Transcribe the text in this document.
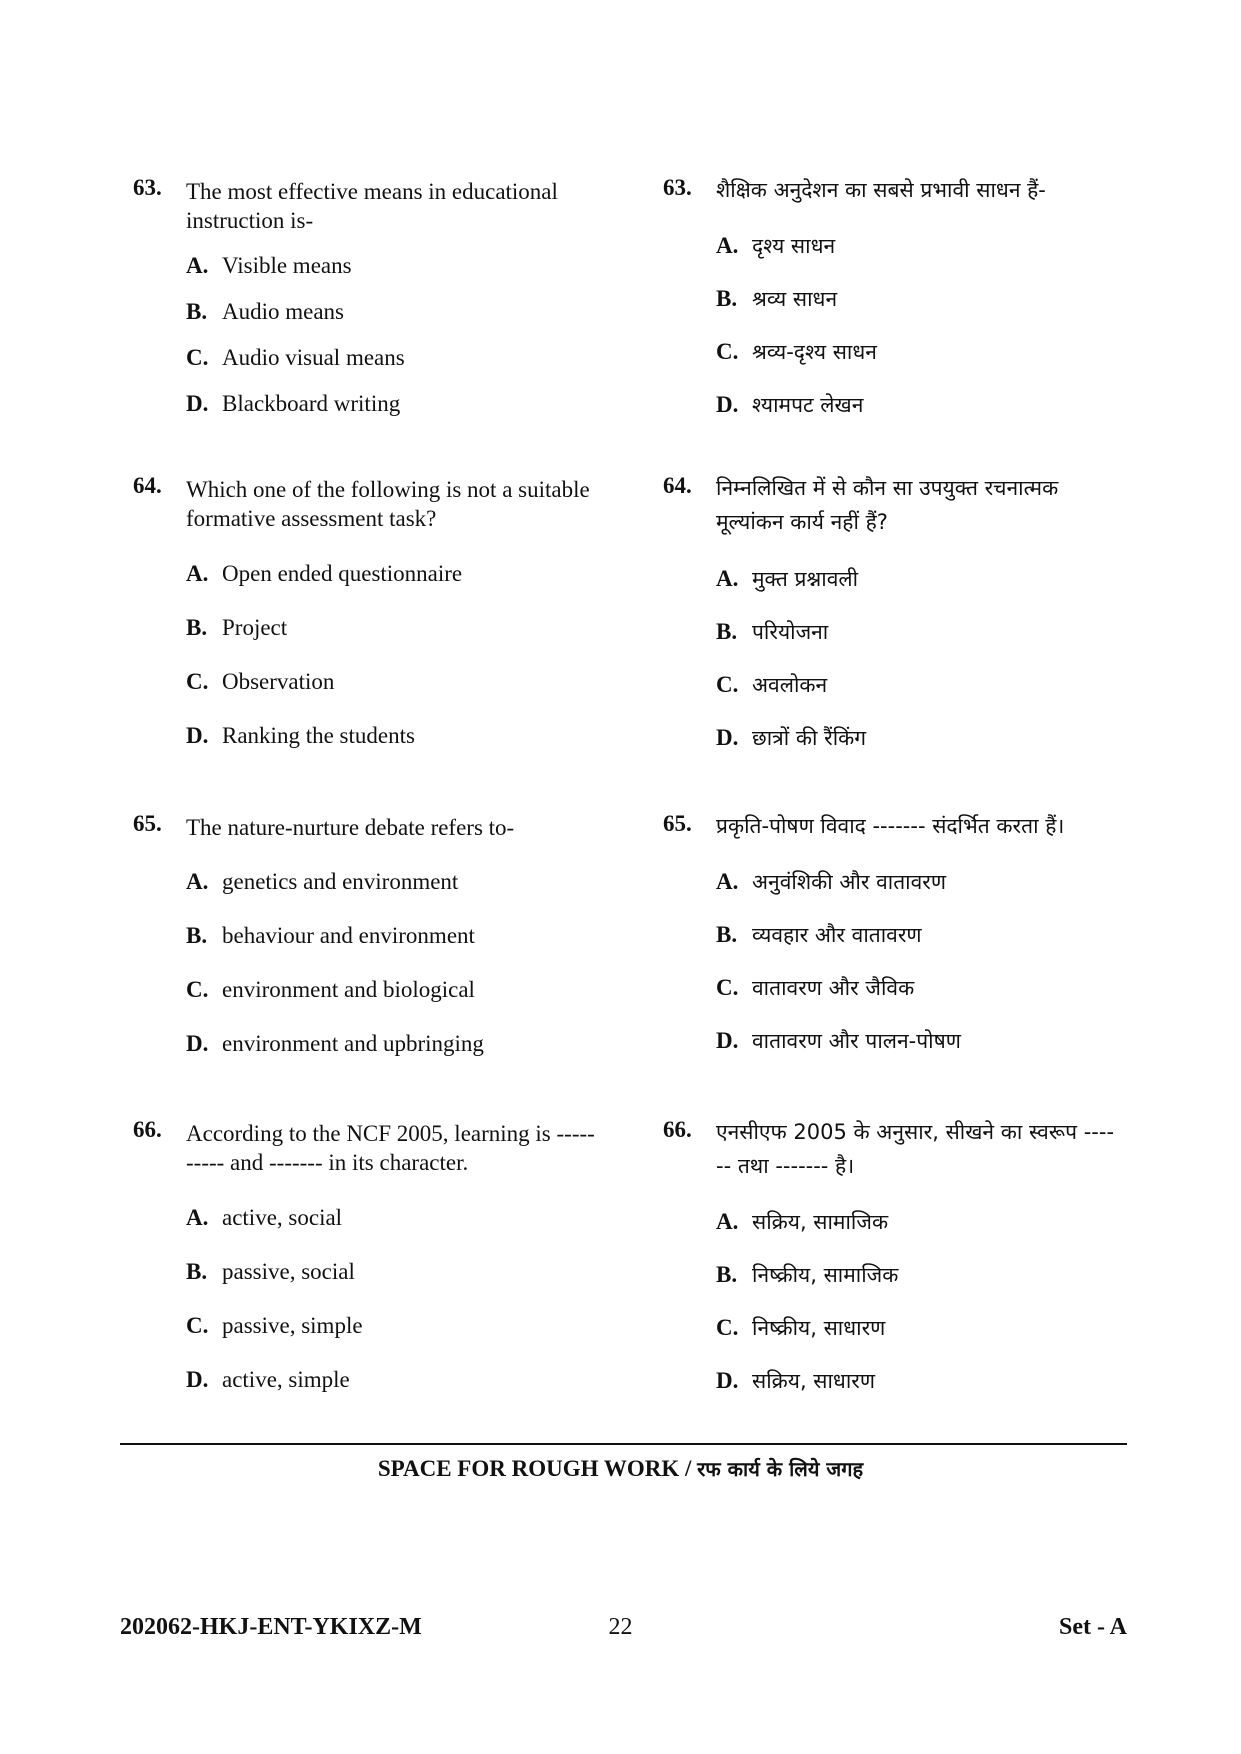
63. The most effective means in educational instruction is-
A. Visible means
B. Audio means
C. Audio visual means
D. Blackboard writing
64. Which one of the following is not a suitable formative assessment task?
A. Open ended questionnaire
B. Project
C. Observation
D. Ranking the students
65. The nature-nurture debate refers to-
A. genetics and environment
B. behaviour and environment
C. environment and biological
D. environment and upbringing
66. According to the NCF 2005, learning is ---------- and ------- in its character.
A. active, social
B. passive, social
C. passive, simple
D. active, simple
63. शैक्षिक अनुदेशन का सबसे प्रभावी साधन हैं-
A. दृश्य साधन
B. श्रव्य साधन
C. श्रव्य-दृश्य साधन
D. श्यामपट लेखन
64. निम्नलिखित में से कौन सा उपयुक्त रचनात्मक मूल्यांकन कार्य नहीं हैं?
A. मुक्त प्रश्नावली
B. परियोजना
C. अवलोकन
D. छात्रों की रैंकिंग
65. प्रकृति-पोषण विवाद ------- संदर्भित करता हैं।
A. अनुवंशिकी और वातावरण
B. व्यवहार और वातावरण
C. वातावरण और जैविक
D. वातावरण और पालन-पोषण
66. एनसीएफ 2005 के अनुसार, सीखने का स्वरूप ------ तथा ------- है।
A. सक्रिय, सामाजिक
B. निष्क्रीय, सामाजिक
C. निष्क्रीय, साधारण
D. सक्रिय, साधारण
SPACE FOR ROUGH WORK / रफ कार्य के लिये जगह
202062-HKJ-ENT-YKIXZ-M	22	Set - A
